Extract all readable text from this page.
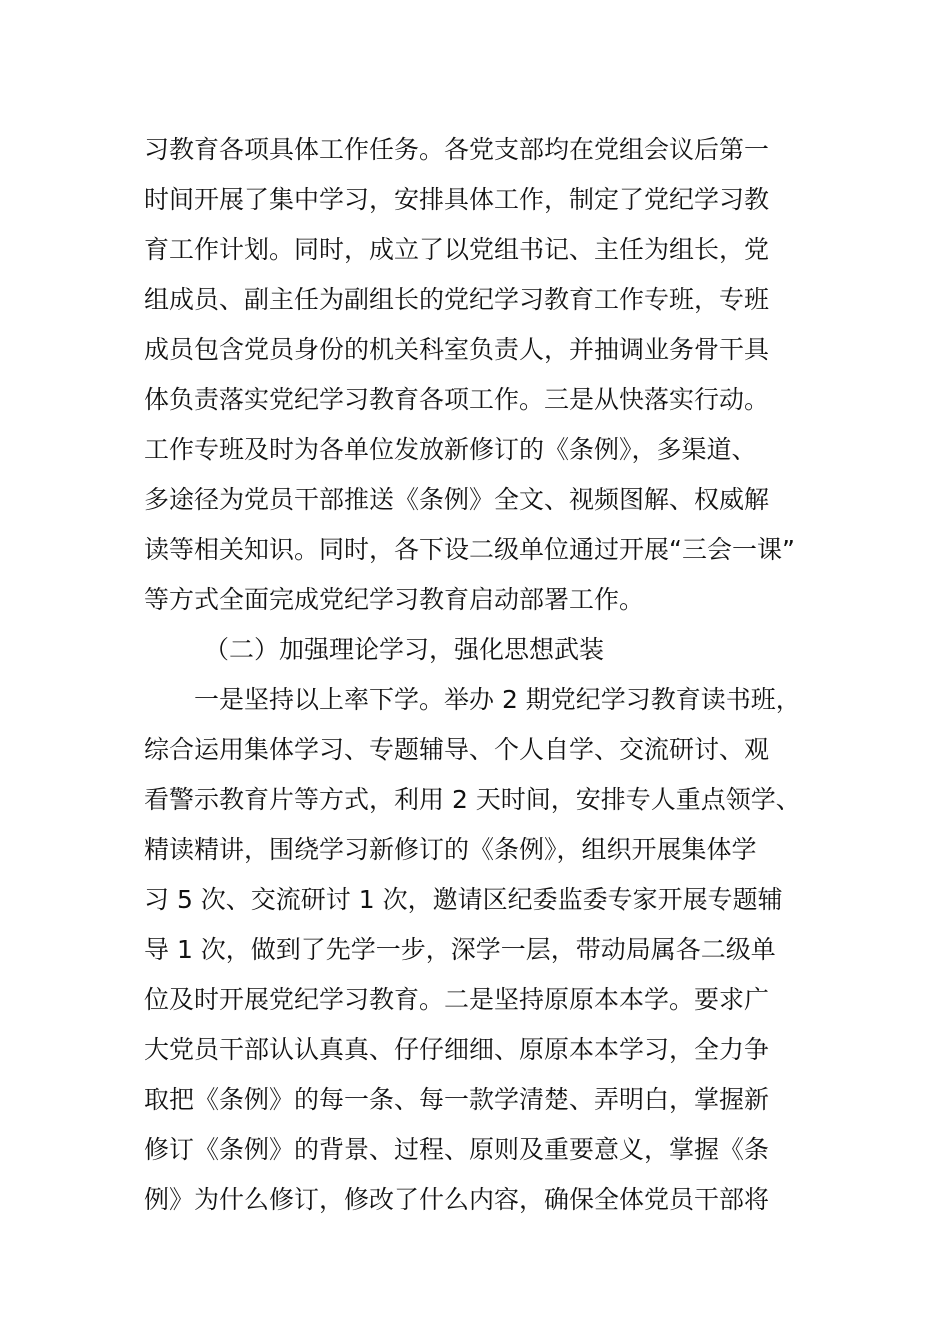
习教育各项具体工作任务。各党支部均在党组会议后第一
时间开展了集中学习，安排具体工作，制定了党纪学习教
育工作计划。同时，成立了以党组书记、主任为组长，党
组成员、副主任为副组长的党纪学习教育工作专班，专班
成员包含党员身份的机关科室负责人，并抽调业务骨干具
体负责落实党纪学习教育各项工作。三是从快落实行动。
工作专班及时为各单位发放新修订的《条例》，多渠道、
多途径为党员干部推送《条例》全文、视频图解、权威解
读等相关知识。同时，各下设二级单位通过开展“三会一课”
等方式全面完成党纪学习教育启动部署工作。
（二）加强理论学习，强化思想武装
一是坚持以上率下学。举办 2 期党纪学习教育读书班，
综合运用集体学习、专题辅导、个人自学、交流研讨、观
看警示教育片等方式，利用 2 天时间，安排专人重点领学、
精读精讲，围绕学习新修订的《条例》，组织开展集体学
习 5 次、交流研讨 1 次，邀请区纪委监委专家开展专题辅
导 1 次，做到了先学一步，深学一层，带动局属各二级单
位及时开展党纪学习教育。二是坚持原原本本学。要求广
大党员干部认认真真、仔仔细细、原原本本学习，全力争
取把《条例》的每一条、每一款学清楚、弄明白，掌握新
修订《条例》的背景、过程、原则及重要意义，掌握《条
例》为什么修订，修改了什么内容，确保全体党员干部将
